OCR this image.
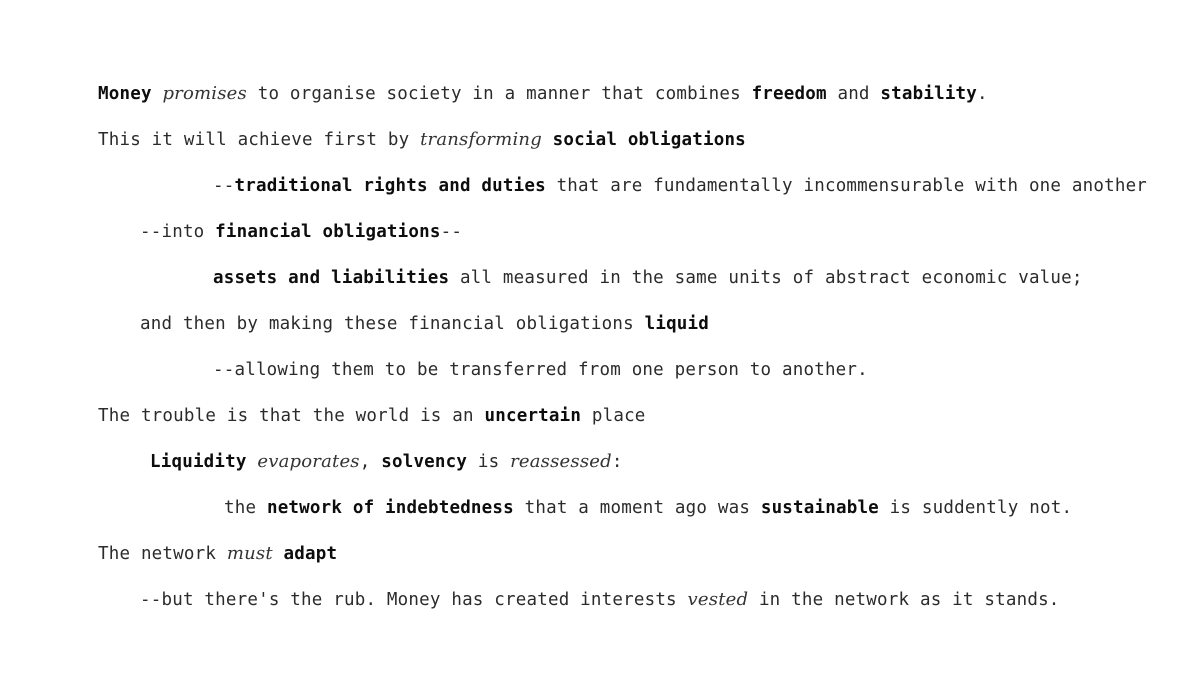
Money promises to organise society in a manner that combines freedom and stability.
This it will achieve first by transforming social obligations
--traditional rights and duties that are fundamentally incommensurable with one another
--into financial obligations--
assets and liabilities all measured in the same units of abstract economic value;
and then by making these financial obligations liquid
--allowing them to be transferred from one person to another.
The trouble is that the world is an uncertain place
Liquidity evaporates, solvency is reassessed:
the network of indebtedness that a moment ago was sustainable is suddently not.
The network must adapt
--but there's the rub. Money has created interests vested in the network as it stands.
